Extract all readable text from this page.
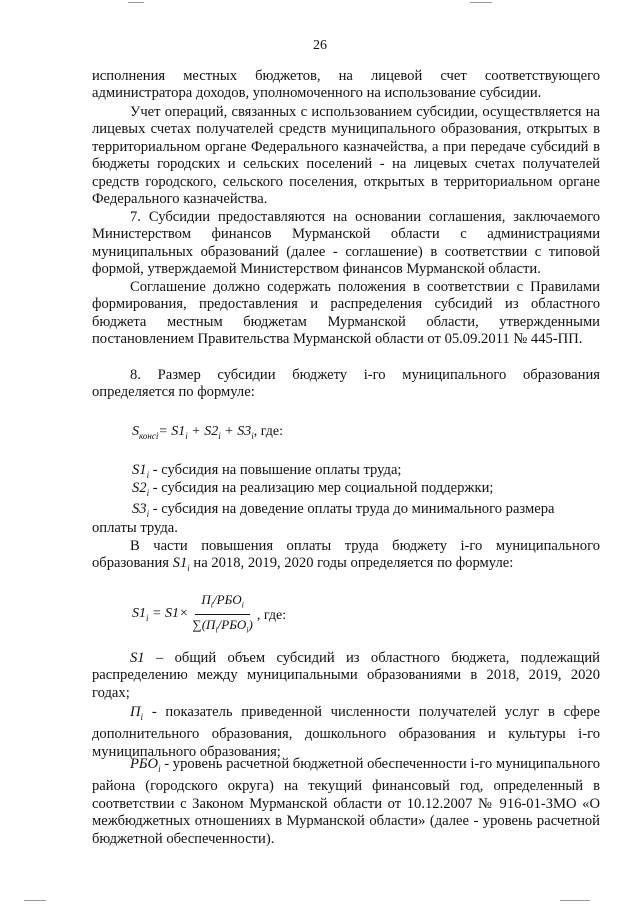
26

исполнения местных бюджетов, на лицевой счет соответствующего администратора доходов, уполномоченного на использование субсидии.

Учет операций, связанных с использованием субсидии, осуществляется на лицевых счетах получателей средств муниципального образования, открытых в территориальном органе Федерального казначейства, а при передаче субсидий в бюджеты городских и сельских поселений - на лицевых счетах получателей средств городского, сельского поселения, открытых в территориальном органе Федерального казначейства.

7. Субсидии предоставляются на основании соглашения, заключаемого Министерством финансов Мурманской области с администрациями муниципальных образований (далее - соглашение) в соответствии с типовой формой, утверждаемой Министерством финансов Мурманской области.

Соглашение должно содержать положения в соответствии с Правилами формирования, предоставления и распределения субсидий из областного бюджета местным бюджетам Мурманской области, утвержденными постановлением Правительства Мурманской области от 05.09.2011 № 445-ПП.

8. Размер субсидии бюджету i-го муниципального образования определяется по формуле:

$S_{консі}= S1_i + S2_i + S3_i$, где:
$S1_i$ - субсидия на повышение оплаты труда;
$S2_i$ - субсидия на реализацию мер социальной поддержки;
$S3_i$ - субсидия на доведение оплаты труда до минимального размера

оплаты труда.

В части повышения оплаты труда бюджету i-го муниципального образования $S1_i$ на 2018, 2019, 2020 годы определяется по формуле:

$S1_i = S1\times \frac{П_i/РБО_i}{\sum(П_i/РБО_i)}$ , где:

S1 – общий объем субсидий из областного бюджета, подлежащий распределению между муниципальными образованиями в 2018, 2019, 2020 годах;

$П_i$ - показатель приведенной численности получателей услуг в сфере дополнительного образования, дошкольного образования и культуры i-го муниципального образования;

$РБО_i$ - уровень расчетной бюджетной обеспеченности i-го муниципального района (городского округа) на текущий финансовый год, определенный в соответствии с Законом Мурманской области от 10.12.2007 № 916-01-ЗМО «О межбюджетных отношениях в Мурманской области» (далее - уровень расчетной бюджетной обеспеченности).
